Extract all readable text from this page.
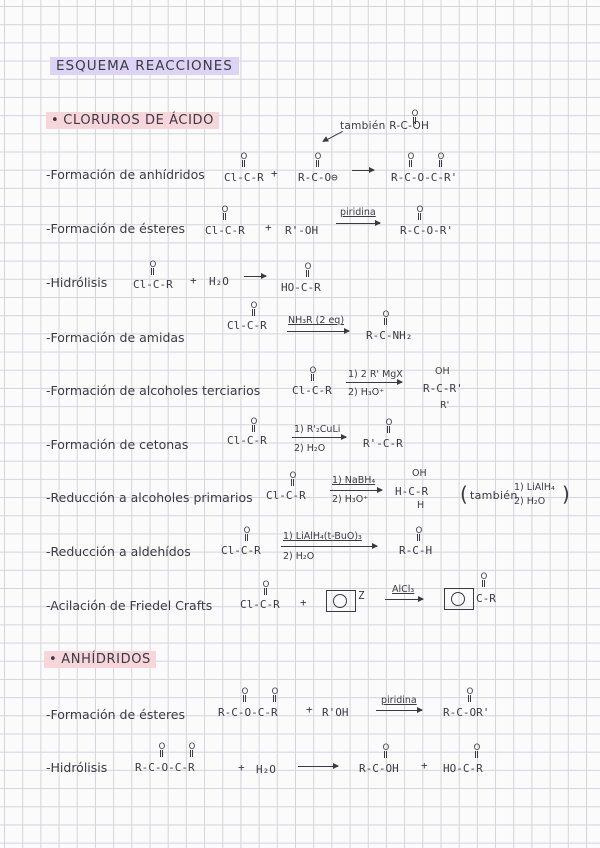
ESQUEMA REACCIONES
• CLORUROS DE ÁCIDO	también R-C-OH
O
-Formación de anhídridos Cl-C-R
O
+ R-C-O⊖
O
R-C-O-C-R'
O	O
-Formación de ésteres Cl-C-R
O
+ R'-OH
piridina
R-C-O-R'
O
-Hidrólisis Cl-C-R
O
+ H₂O →
HO-C-R
O
-Formación de amidas
Cl-C-R
O
NH₃R (2 eq)
→ R-C-NH₂
O
-Formación de alcoholes terciarios	Cl-C-R
O	1) 2 R' MgX
2) H₃O⁺	R-C-R'
OH
R'
-Formación de cetonas	Cl-C-R
O
1) R'₂CuLi
2) H₂O	R'-C-R
O
-Reducción a alcoholes primarios Cl-C-R
O	1) NaBH₄
2) H₃O⁺
H-C-R
OH
H ( también
1) LiAlH₄
2) H₂O )
-Reducción a aldehídos	Cl-C-R
O	1) LiAlH₄(t-BuO)₃
2) H₂O	R-C-H
O
-Acilación de Friedel Crafts	Cl-C-R
O
+
Z	AlCl₃
C-R
O
• ANHÍDRIDOS
-Formación de ésteres	R-C-O-C-R
O	O
+ R'OH
piridina
→ R-C-OR'
O
-Hidrólisis	R-C-O-C-R
O	O
+ H₂O → R-C-OH
O
+ HO-C-R
O
